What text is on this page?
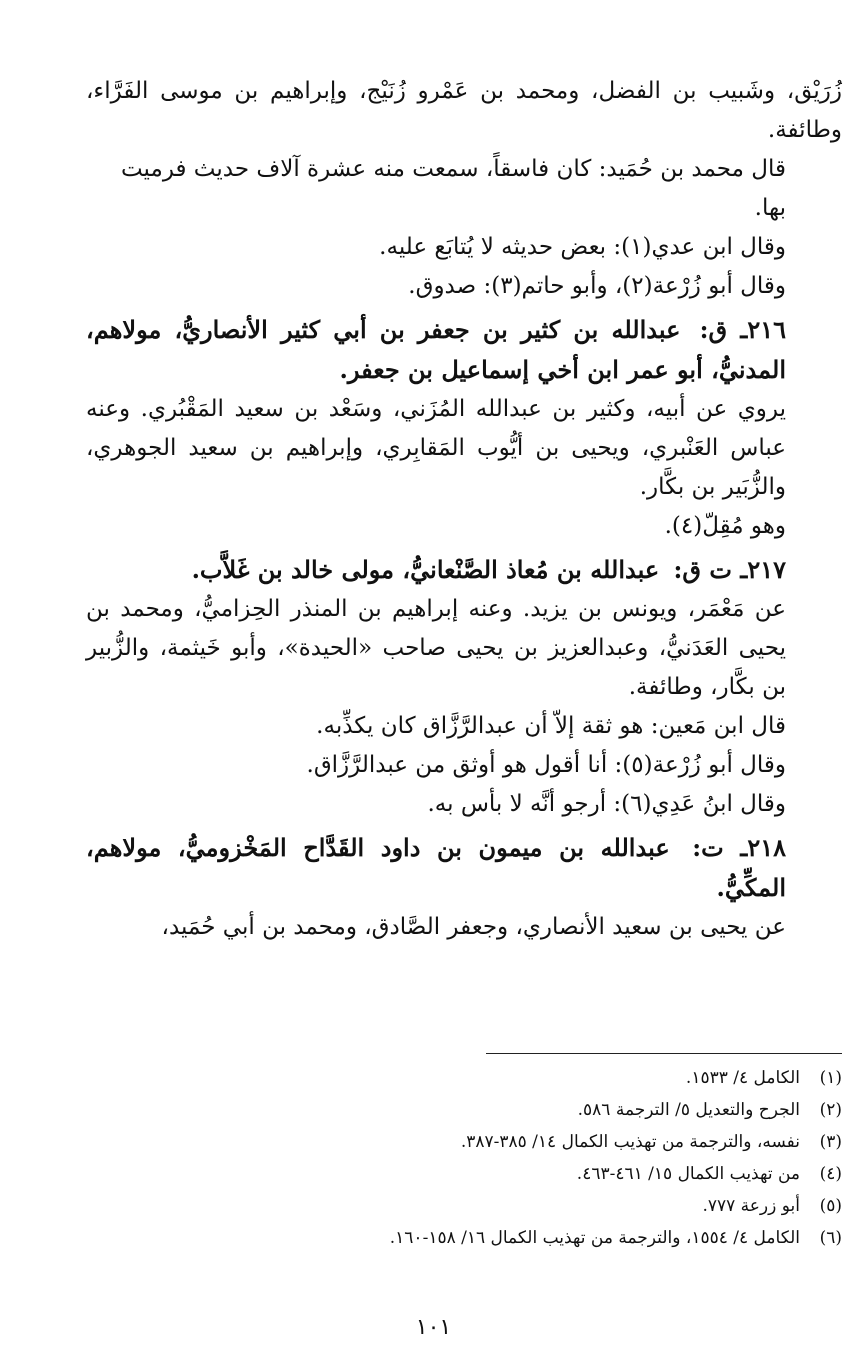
زُرَيْق، وشَبيب بن الفضل، ومحمد بن عَمْرو زُنَيْج، وإبراهيم بن موسى الفَرَّاء، وطائفة.

قال محمد بن حُمَيد: كان فاسقاً، سمعت منه عشرة آلاف حديث فرميت بها.

وقال ابن عدي(١): بعض حديثه لا يُتابَع عليه.

وقال أبو زُرْعة(٢)، وأبو حاتم(٣): صدوق.

٢١٦ـ ق: عبدالله بن كثير بن جعفر بن أبي كثير الأنصاريُّ، مولاهم، المدنيُّ، أبو عمر ابن أخي إسماعيل بن جعفر.

يروي عن أبيه، وكثير بن عبدالله المُزَني، وسَعْد بن سعيد المَقْبُري. وعنه عباس العَنْبري، ويحيى بن أيُّوب المَقابِري، وإبراهيم بن سعيد الجوهري، والزُّبَير بن بكَّار.

وهو مُقِلّ(٤).

٢١٧ـ ت ق: عبدالله بن مُعاذ الصَّنْعانيُّ، مولى خالد بن غَلاَّب.

عن مَعْمَر، ويونس بن يزيد. وعنه إبراهيم بن المنذر الحِزاميُّ، ومحمد بن يحيى العَدَنيُّ، وعبدالعزيز بن يحيى صاحب «الحيدة»، وأبو خَيثمة، والزُّبير بن بكَّار، وطائفة.

قال ابن مَعين: هو ثقة إلاّ أن عبدالرَّزَّاق كان يكذِّبه.

وقال أبو زُرْعة(٥): أنا أقول هو أوثق من عبدالرَّزَّاق.

وقال ابنُ عَدِي(٦): أرجو أنَّه لا بأس به.

٢١٨ـ ت: عبدالله بن ميمون بن داود القَدَّاح المَخْزوميُّ، مولاهم، المكِّيُّ.

عن يحيى بن سعيد الأنصاري، وجعفر الصَّادق، ومحمد بن أبي حُمَيد،

(١)
الكامل ٤/ ١٥٣٣.
(٢)
الجرح والتعديل ٥/ الترجمة ٥٨٦.
(٣)
نفسه، والترجمة من تهذيب الكمال ١٤/ ٣٨٥-٣٨٧.
(٤)
من تهذيب الكمال ١٥/ ٤٦١-٤٦٣.
(٥)
أبو زرعة ٧٧٧.
(٦)
الكامل ٤/ ١٥٥٤، والترجمة من تهذيب الكمال ١٦/ ١٥٨-١٦٠.
١٠١
